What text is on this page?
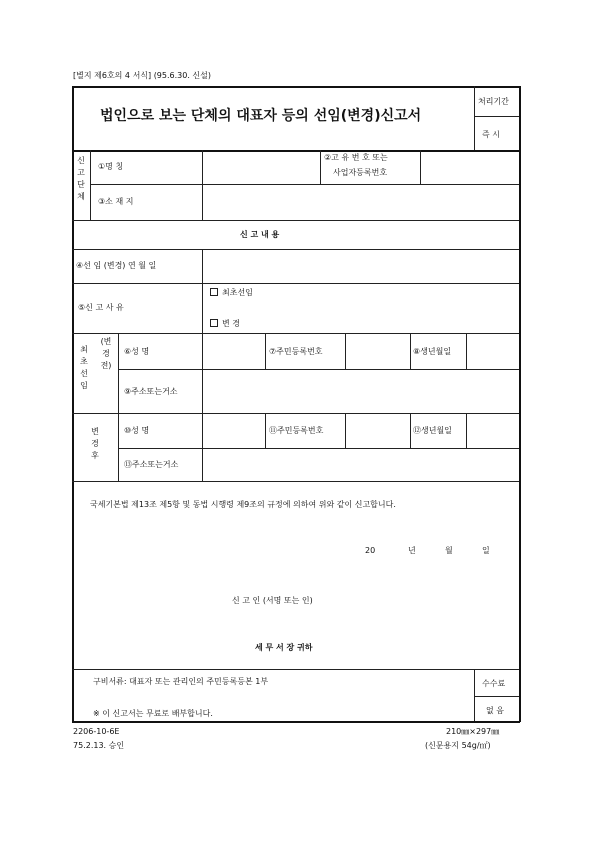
[별지 제6호의 4 서식] (95.6.30. 신설)
법인으로 보는 단체의 대표자 등의 선임(변경)신고서
처리기간
즉 시
신고단체
①명 칭
②고 유 번 호 또는
사업자등록번호
③소 재 지
신 고 내 용
④선 임 (변경) 연 월 일
⑤신 고 사 유
최초선임
변 경
최초선임
(변경전)
⑥성 명	⑦주민등록번호	⑧생년월일
⑨주소또는거소
변경후
⑩성 명	⑪주민등록번호	⑫생년월일
⑬주소또는거소
국세기본법 제13조 제5항 및 동법 시행령 제9조의 규정에 의하여 위와 같이 신고합니다.
20	년	월	일
신 고 인 (서명 또는 인)
세 무 서 장 귀하
구비서류: 대표자 또는 관리인의 주민등록등본 1부
※ 이 신고서는 무료로 배부합니다.
수수료
없 음
2206-10-6E	210㎜×297㎜
75.2.13. 승인	(신문용지 54g/㎡)
